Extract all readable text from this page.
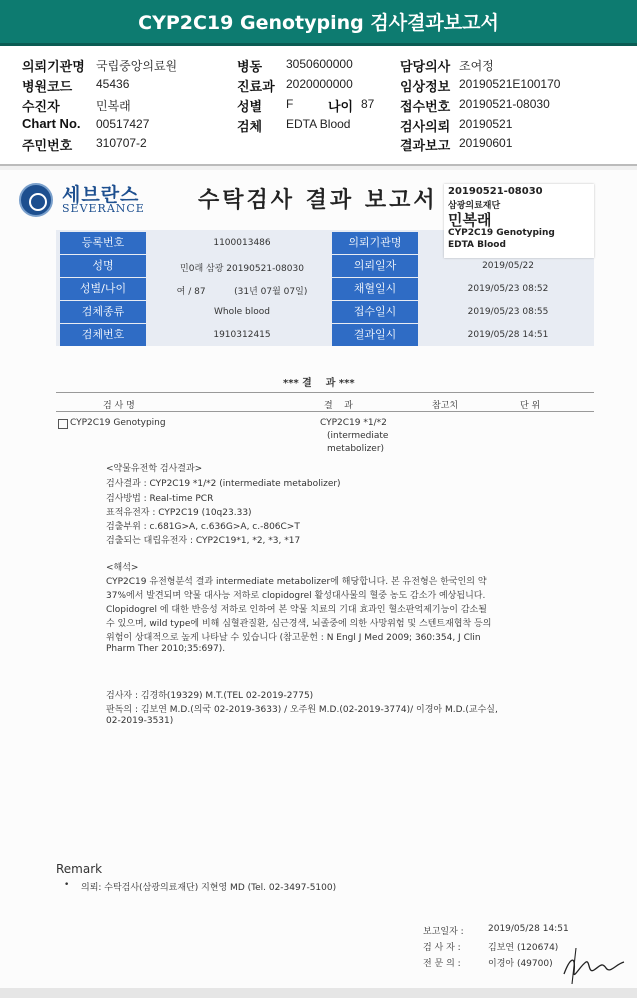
CYP2C19 Genotyping 검사결과보고서
의뢰기관명 국립중앙의료원
병원코드 45436
수진자	민복래
Chart No. 00517427
주민번호 310707-2
병동 3050600000
진료과 2020000000
성별 F	나이 87
검체 EDTA Blood
담당의사 조여정
임상정보 20190521E100170
접수번호 20190521-08030
검사의뢰 20190521
결과보고 20190601
세브란스
SEVERANCE 수탁검사 결과 보고서
등록번호	1100013486	의뢰기관명
성명	민0래 삼광 20190521-08030	의뢰일자	2019/05/22
성별/나이	여 / 87          (31년 07월 07일)	채혈일시	2019/05/23 08:52
검체종류	Whole blood	접수일시	2019/05/23 08:55
검체번호	1910312415	결과일시	2019/05/28 14:51
20190521-08030
삼광의료재단
민복래
CYP2C19 Genotyping
EDTA Blood
*** 결    과 ***
검 사 명	결    과	참고치	단 위
CYP2C19 Genotyping	CYP2C19 *1/*2
(intermediate
metabolizer)
<약물유전학 검사결과>
검사결과 : CYP2C19 *1/*2 (intermediate metabolizer)
검사방법 : Real-time PCR
표적유전자 : CYP2C19 (10q23.33)
검출부위 : c.681G>A, c.636G>A, c.-806C>T
검출되는 대립유전자 : CYP2C19*1, *2, *3, *17
<해석>
CYP2C19 유전형분석 결과 intermediate metabolizer에 해당합니다. 본 유전형은 한국인의 약
37%에서 발견되며 약물 대사능 저하로 clopidogrel 활성대사물의 혈중 농도 감소가 예상됩니다.
Clopidogrel 에 대한 반응성 저하로 인하여 본 약물 치료의 기대 효과인 혈소판억제기능이 감소될
수 있으며, wild type에 비해 심혈관질환, 심근경색, 뇌졸중에 의한 사망위험 및 스텐트재협착 등의
위험이 상대적으로 높게 나타날 수 있습니다 (참고문헌 : N Engl J Med 2009; 360:354, J Clin
Pharm Ther 2010;35:697).
검사자 : 김경하(19329) M.T.(TEL 02-2019-2775)
판독의 : 김보연 M.D.(의국 02-2019-3633) / 오주원 M.D.(02-2019-3774)/ 이경아 M.D.(교수실,
02-2019-3531)
Remark
• 의뢰: 수탁검사(삼광의료재단) 지현영 MD (Tel. 02-3497-5100)
보고일자 :	2019/05/28 14:51
검 사 자 :	김보연 (120674)
전 문 의 :	이경아 (49700)
